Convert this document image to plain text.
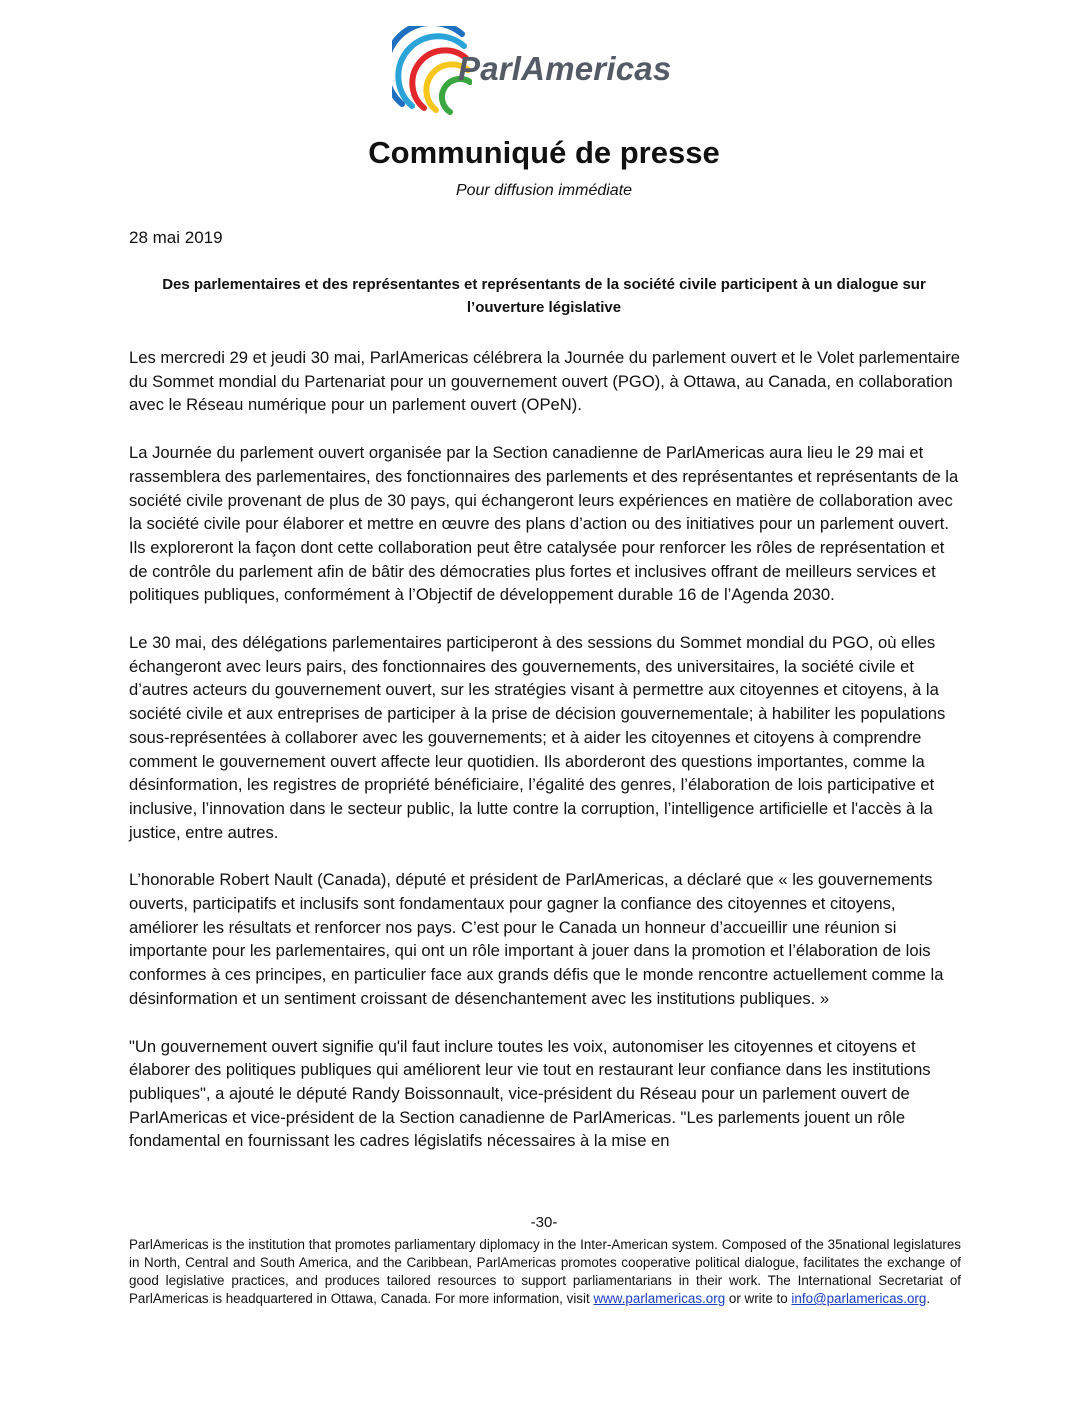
ParlAmericas
Communiqué de presse
Pour diffusion immédiate
28 mai 2019
Des parlementaires et des représentantes et représentants de la société civile participent à un dialogue sur l’ouverture législative

Les mercredi 29 et jeudi 30 mai, ParlAmericas célébrera la Journée du parlement ouvert et le Volet parlementaire du Sommet mondial du Partenariat pour un gouvernement ouvert (PGO), à Ottawa, au Canada, en collaboration avec le Réseau numérique pour un parlement ouvert (OPeN).

La Journée du parlement ouvert organisée par la Section canadienne de ParlAmericas aura lieu le 29 mai et rassemblera des parlementaires, des fonctionnaires des parlements et des représentantes et représentants de la société civile provenant de plus de 30 pays, qui échangeront leurs expériences en matière de collaboration avec la société civile pour élaborer et mettre en œuvre des plans d’action ou des initiatives pour un parlement ouvert. Ils exploreront la façon dont cette collaboration peut être catalysée pour renforcer les rôles de représentation et de contrôle du parlement afin de bâtir des démocraties plus fortes et inclusives offrant de meilleurs services et politiques publiques, conformément à l’Objectif de développement durable 16 de l’Agenda 2030.

Le 30 mai, des délégations parlementaires participeront à des sessions du Sommet mondial du PGO, où elles échangeront avec leurs pairs, des fonctionnaires des gouvernements, des universitaires, la société civile et d’autres acteurs du gouvernement ouvert, sur les stratégies visant à permettre aux citoyennes et citoyens, à la société civile et aux entreprises de participer à la prise de décision gouvernementale; à habiliter les populations sous-représentées à collaborer avec les gouvernements; et à aider les citoyennes et citoyens à comprendre comment le gouvernement ouvert affecte leur quotidien. Ils aborderont des questions importantes, comme la désinformation, les registres de propriété bénéficiaire, l’égalité des genres, l’élaboration de lois participative et inclusive, l’innovation dans le secteur public, la lutte contre la corruption, l’intelligence artificielle et l'accès à la justice, entre autres.

L’honorable Robert Nault (Canada), député et président de ParlAmericas, a déclaré que « les gouvernements ouverts, participatifs et inclusifs sont fondamentaux pour gagner la confiance des citoyennes et citoyens, améliorer les résultats et renforcer nos pays. C’est pour le Canada un honneur d’accueillir une réunion si importante pour les parlementaires, qui ont un rôle important à jouer dans la promotion et l’élaboration de lois conformes à ces principes, en particulier face aux grands défis que le monde rencontre actuellement comme la désinformation et un sentiment croissant de désenchantement avec les institutions publiques. »

"Un gouvernement ouvert signifie qu'il faut inclure toutes les voix, autonomiser les citoyennes et citoyens et élaborer des politiques publiques qui améliorent leur vie tout en restaurant leur confiance dans les institutions publiques", a ajouté le député Randy Boissonnault, vice-président du Réseau pour un parlement ouvert de ParlAmericas et vice-président de la Section canadienne de ParlAmericas. "Les parlements jouent un rôle fondamental en fournissant les cadres législatifs nécessaires à la mise en

-30-
ParlAmericas is the institution that promotes parliamentary diplomacy in the Inter-American system. Composed of the 35national legislatures in North, Central and South America, and the Caribbean, ParlAmericas promotes cooperative political dialogue, facilitates the exchange of good legislative practices, and produces tailored resources to support parliamentarians in their work. The International Secretariat of ParlAmericas is headquartered in Ottawa, Canada. For more information, visit www.parlamericas.org or write to info@parlamericas.org.
